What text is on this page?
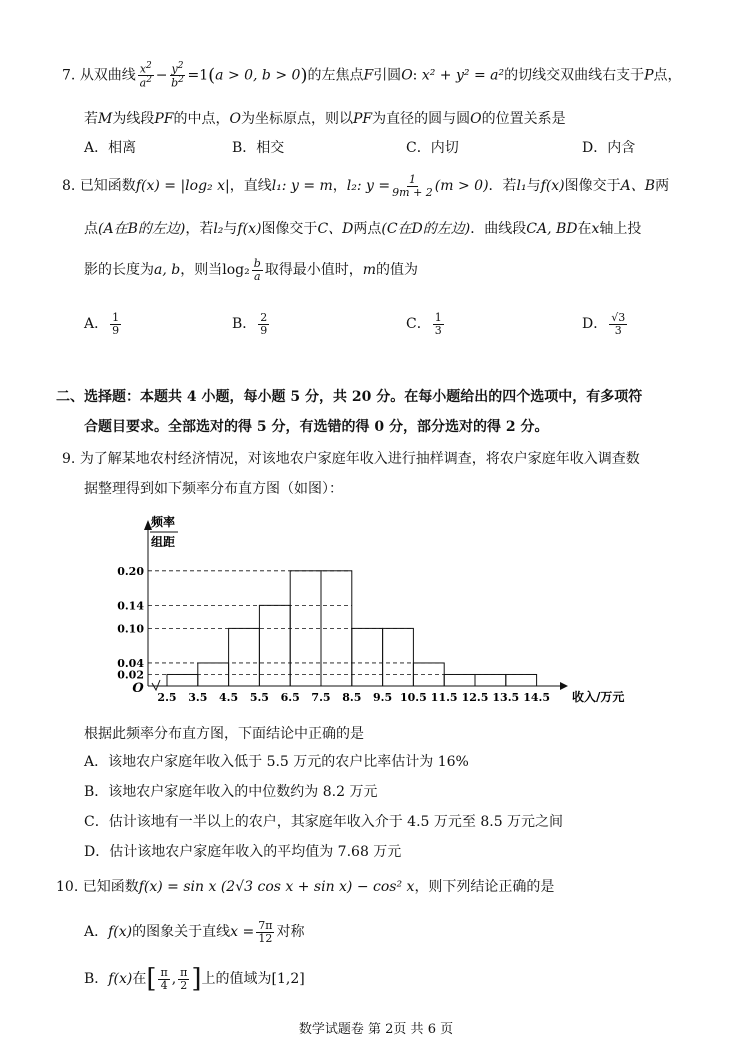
7. 从双曲线 $\frac{x^2}{a^2} - \frac{y^2}{b^2} =1(a > 0$, b > 0)的左焦点F引圆O: x² + y² = a²的切线交双曲线右支于P点，
若M为线段PF的中点，O为坐标原点，则以PF为直径的圆与圆O的位置关系是
A．相离	B．相交	C．内切	D．内含
8. 已知函数f(x) = |log₂ x|，直线l₁: y = m，l₂: $y = \frac{1}{9m + 2} (m > 0)$．若l₁与f(x)图像交于A、B两
点(A在B的左边)，若l₂与f(x)图像交于C、D两点(C在D的左边)．曲线段CA, BD在x轴上投
影的长度为a, b，则当$\log_2 \frac{b}{a}$ 取得最小值时，m的值为
A． $\frac{1}{9}$	B． $\frac{2}{9}$	C． $\frac{1}{3}$	D． $\frac{√3}{3}$
二、选择题：本题共 4 小题，每小题 5 分，共 20 分。在每小题给出的四个选项中，有多项符
合题目要求。全部选对的得 5 分，有选错的得 0 分，部分选对的得 2 分。
9. 为了解某地农村经济情况，对该地农户家庭年收入进行抽样调查，将农户家庭年收入调查数
据整理得到如下频率分布直方图（如图）：
0.02
0.04
0.10
0.14
0.20
2.5 3.5 4.5 5.5 6.5 7.5 8.5 9.5 10.5 11.5 12.5 13.5 14.5
O
收入/万元
频率
组距
根据此频率分布直方图，下面结论中正确的是
A．该地农户家庭年收入低于 5.5 万元的农户比率估计为 16%
B．该地农户家庭年收入的中位数约为 8.2 万元
C．估计该地有一半以上的农户，其家庭年收入介于 4.5 万元至 8.5 万元之间
D．估计该地农户家庭年收入的平均值为 7.68 万元
10. 已知函数f(x) = sin x (2√3 cos x + sin x) − cos² x，则下列结论正确的是
A．f(x)的图象关于直线$x = \frac{7\pi}{12}$ 对称
B．f(x)在[ $\frac{\pi}{4}$ , $\frac{\pi}{2}$ ]上的值域为[1,2]
数学试题卷 第 2页 共 6 页
